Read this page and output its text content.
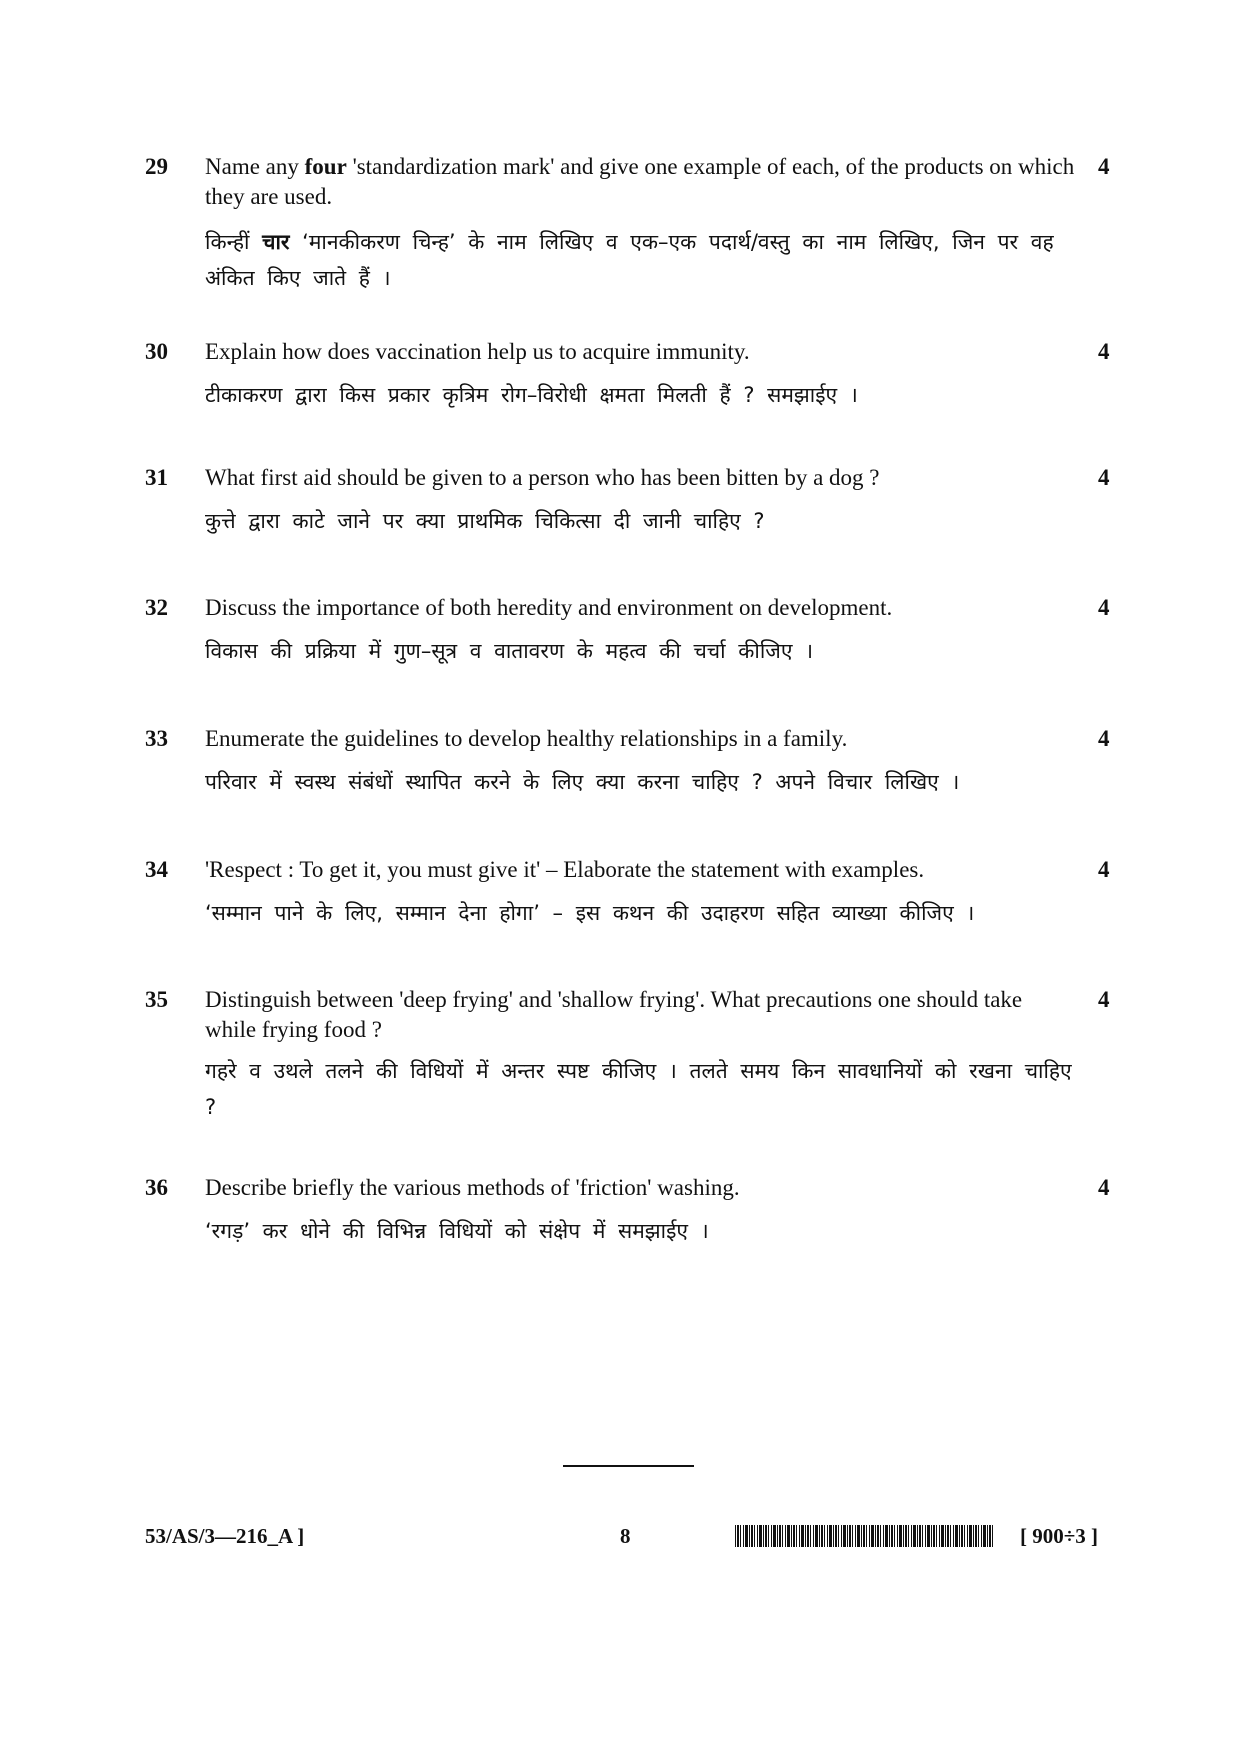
29 Name any four 'standardization mark' and give one example of each, of the products on which they are used.
किन्हीं चार ‘मानकीकरण चिन्ह’ के नाम लिखिए व एक–एक पदार्थ/वस्तु का नाम लिखिए, जिन पर वह अंकित किए जाते हैं ।
4
30 Explain how does vaccination help us to acquire immunity.
टीकाकरण द्वारा किस प्रकार कृत्रिम रोग–विरोधी क्षमता मिलती हैं ? समझाईए ।
4
31 What first aid should be given to a person who has been bitten by a dog ?
कुत्ते द्वारा काटे जाने पर क्या प्राथमिक चिकित्सा दी जानी चाहिए ?
4
32 Discuss the importance of both heredity and environment on development.
विकास की प्रक्रिया में गुण–सूत्र व वातावरण के महत्व की चर्चा कीजिए ।
4
33 Enumerate the guidelines to develop healthy relationships in a family.
परिवार में स्वस्थ संबंधों स्थापित करने के लिए क्या करना चाहिए ? अपने विचार लिखिए ।
4
34 'Respect : To get it, you must give it' – Elaborate the statement with examples.
‘सम्मान पाने के लिए, सम्मान देना होगा’ – इस कथन की उदाहरण सहित व्याख्या कीजिए ।
4
35 Distinguish between 'deep frying' and 'shallow frying'. What precautions one should take while frying food ?
गहरे व उथले तलने की विधियों में अन्तर स्पष्ट कीजिए । तलते समय किन सावधानियों को रखना चाहिए ?
4
36 Describe briefly the various methods of 'friction' washing.
‘रगड़’ कर धोने की विभिन्न विधियों को संक्षेप में समझाईए ।
4
53/AS/3—216_A ]	8	[ 900÷3 ]
